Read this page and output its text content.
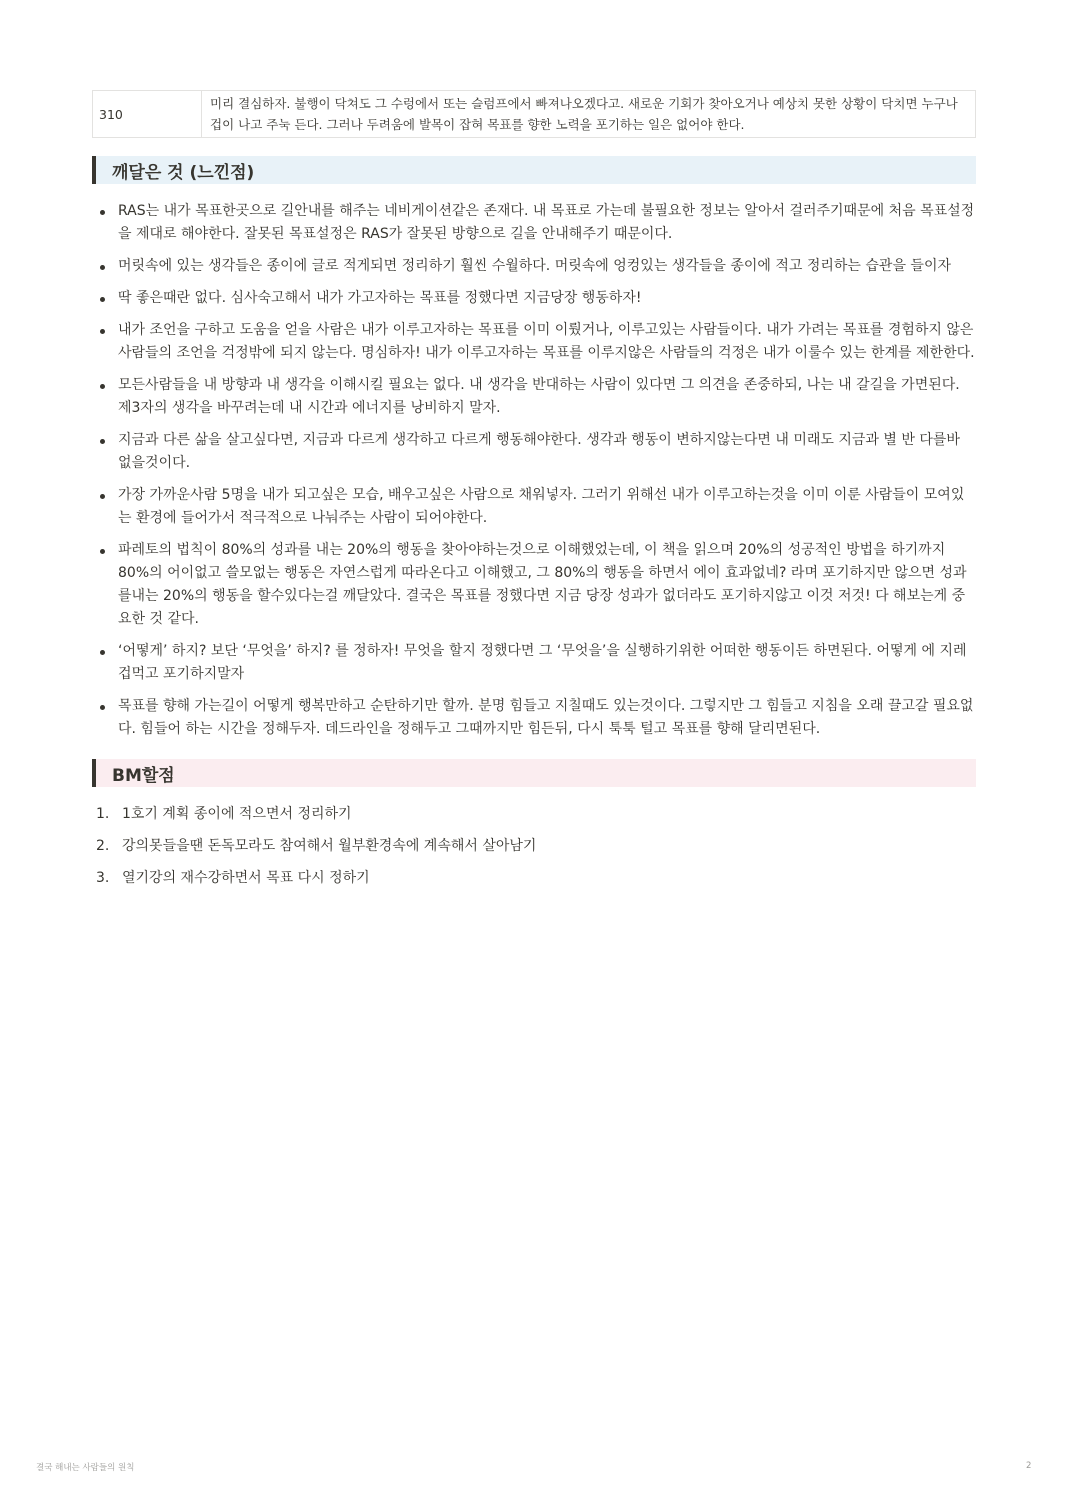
310	미리 결심하자. 불행이 닥쳐도 그 수렁에서 또는 슬럼프에서 빠져나오겠다고. 새로운 기회가 찾아오거나 예상치 못한 상황이 닥치면 누구나 겁이 나고 주눅 든다. 그러나 두려움에 발목이 잡혀 목표를 향한 노력을 포기하는 일은 없어야 한다.
깨달은 것 (느낀점)
RAS는 내가 목표한곳으로 길안내를 해주는 네비게이션같은 존재다. 내 목표로 가는데 불필요한 정보는 알아서 걸러주기때문에 처음 목표설정을 제대로 해야한다. 잘못된 목표설정은 RAS가 잘못된 방향으로 길을 안내해주기 때문이다.
머릿속에 있는 생각들은 종이에 글로 적게되면 정리하기 훨씬 수월하다. 머릿속에 엉컹있는 생각들을 종이에 적고 정리하는 습관을 들이자
딱 좋은때란 없다. 심사숙고해서 내가 가고자하는 목표를 정했다면 지금당장 행동하자!
내가 조언을 구하고 도움을 얻을 사람은 내가 이루고자하는 목표를 이미 이뤘거나, 이루고있는 사람들이다. 내가 가려는 목표를 경험하지 않은 사람들의 조언을 걱정밖에 되지 않는다. 명심하자! 내가 이루고자하는 목표를 이루지않은 사람들의 걱정은 내가 이룰수 있는 한계를 제한한다.
모든사람들을 내 방향과 내 생각을 이해시킬 필요는 없다. 내 생각을 반대하는 사람이 있다면 그 의견을 존중하되, 나는 내 갈길을 가면된다. 제3자의 생각을 바꾸려는데 내 시간과 에너지를 낭비하지 말자.
지금과 다른 삶을 살고싶다면, 지금과 다르게 생각하고 다르게 행동해야한다. 생각과 행동이 변하지않는다면 내 미래도 지금과 별 반 다를바 없을것이다.
가장 가까운사람 5명을 내가 되고싶은 모습, 배우고싶은 사람으로 채워넣자. 그러기 위해선 내가 이루고하는것을 이미 이룬 사람들이 모여있는 환경에 들어가서 적극적으로 나눠주는 사람이 되어야한다.
파레토의 법칙이 80%의 성과를 내는 20%의 행동을 찾아야하는것으로 이해했었는데, 이 책을 읽으며 20%의 성공적인 방법을 하기까지 80%의 어이없고 쓸모없는 행동은 자연스럽게 따라온다고 이해했고, 그 80%의 행동을 하면서 에이 효과없네? 라며 포기하지만 않으면 성과를내는 20%의 행동을 할수있다는걸 깨달았다. 결국은 목표를 정했다면 지금 당장 성과가 없더라도 포기하지않고 이것 저것! 다 해보는게 중요한 것 같다.
‘어떻게’ 하지? 보단 ‘무엇을’ 하지? 를 정하자! 무엇을 할지 정했다면 그 ‘무엇을’을 실행하기위한 어떠한 행동이든 하면된다. 어떻게 에 지레겁먹고 포기하지말자
목표를 향해 가는길이 어떻게 행복만하고 순탄하기만 할까. 분명 힘들고 지칠때도 있는것이다. 그렇지만 그 힘들고 지침을 오래 끌고갈 필요없다. 힘들어 하는 시간을 정해두자. 데드라인을 정해두고 그때까지만 힘든뒤, 다시 툭툭 털고 목표를 향해 달리면된다.
BM할점
1. 1호기 계획 종이에 적으면서 정리하기
2. 강의못들을땐 돈독모라도 참여해서 월부환경속에 계속해서 살아남기
3. 열기강의 재수강하면서 목표 다시 정하기
결국 해내는 사람들의 원칙	2
